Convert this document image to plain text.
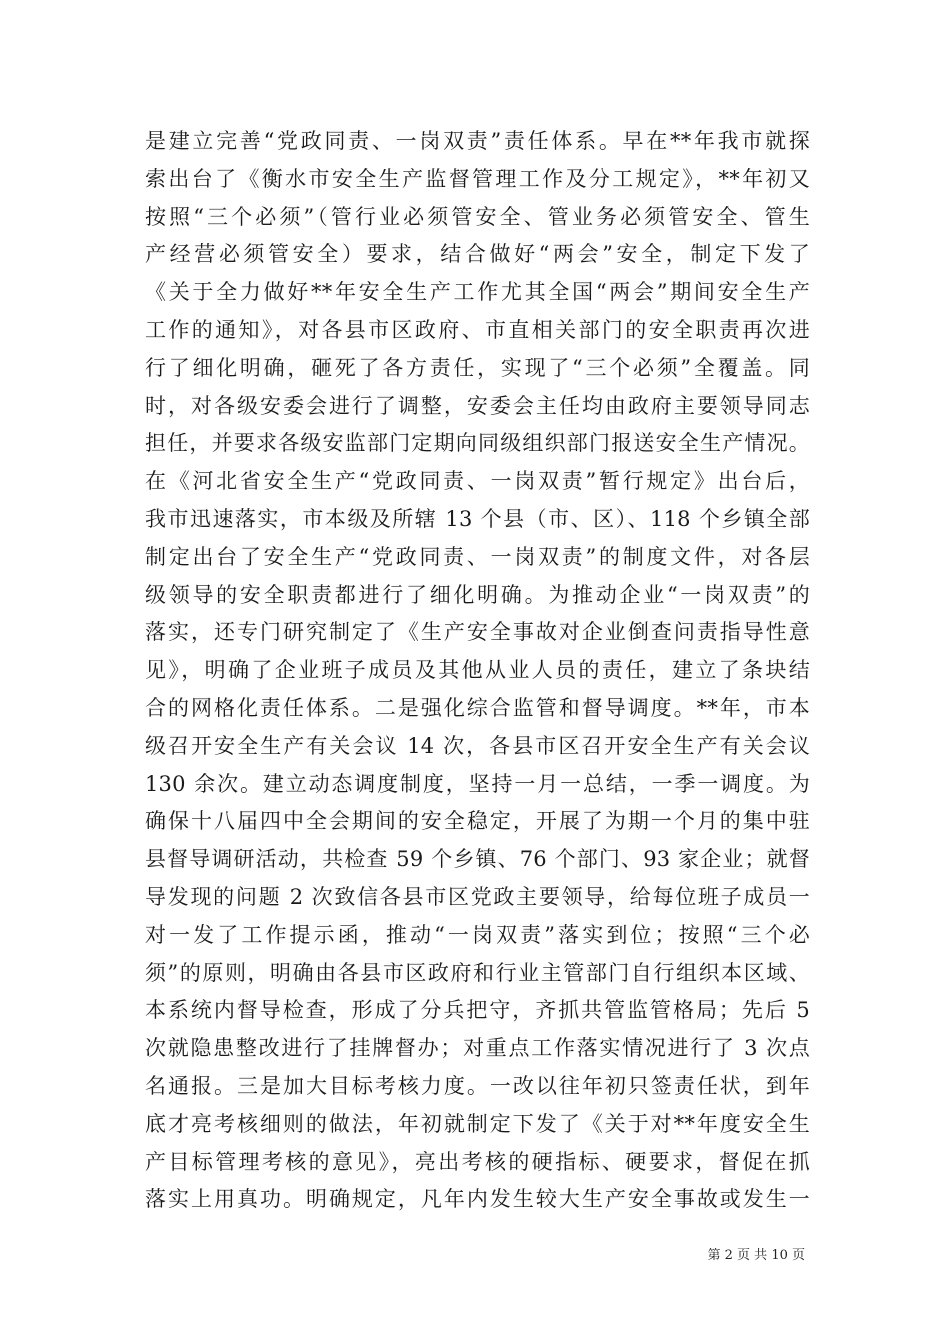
是建立完善“党政同责、一岗双责”责任体系。早在**年我市就探
索出台了《衡水市安全生产监督管理工作及分工规定》，**年初又
按照“三个必须”（管行业必须管安全、管业务必须管安全、管生
产经营必须管安全）要求，结合做好“两会”安全，制定下发了
《关于全力做好**年安全生产工作尤其全国“两会”期间安全生产
工作的通知》，对各县市区政府、市直相关部门的安全职责再次进
行了细化明确，砸死了各方责任，实现了“三个必须”全覆盖。同
时，对各级安委会进行了调整，安委会主任均由政府主要领导同志
担任，并要求各级安监部门定期向同级组织部门报送安全生产情况。
在《河北省安全生产“党政同责、一岗双责”暂行规定》出台后，
我市迅速落实，市本级及所辖 13 个县（市、区）、118 个乡镇全部
制定出台了安全生产“党政同责、一岗双责”的制度文件，对各层
级领导的安全职责都进行了细化明确。为推动企业“一岗双责”的
落实，还专门研究制定了《生产安全事故对企业倒查问责指导性意
见》，明确了企业班子成员及其他从业人员的责任，建立了条块结
合的网格化责任体系。二是强化综合监管和督导调度。**年，市本
级召开安全生产有关会议 14 次，各县市区召开安全生产有关会议
130 余次。建立动态调度制度，坚持一月一总结，一季一调度。为
确保十八届四中全会期间的安全稳定，开展了为期一个月的集中驻
县督导调研活动，共检查 59 个乡镇、76 个部门、93 家企业；就督
导发现的问题 2 次致信各县市区党政主要领导，给每位班子成员一
对一发了工作提示函，推动“一岗双责”落实到位；按照“三个必
须”的原则，明确由各县市区政府和行业主管部门自行组织本区域、
本系统内督导检查，形成了分兵把守，齐抓共管监管格局；先后 5
次就隐患整改进行了挂牌督办；对重点工作落实情况进行了 3 次点
名通报。三是加大目标考核力度。一改以往年初只签责任状，到年
底才亮考核细则的做法，年初就制定下发了《关于对**年度安全生
产目标管理考核的意见》，亮出考核的硬指标、硬要求，督促在抓
落实上用真功。明确规定，凡年内发生较大生产安全事故或发生一
第 2 页 共 10 页
